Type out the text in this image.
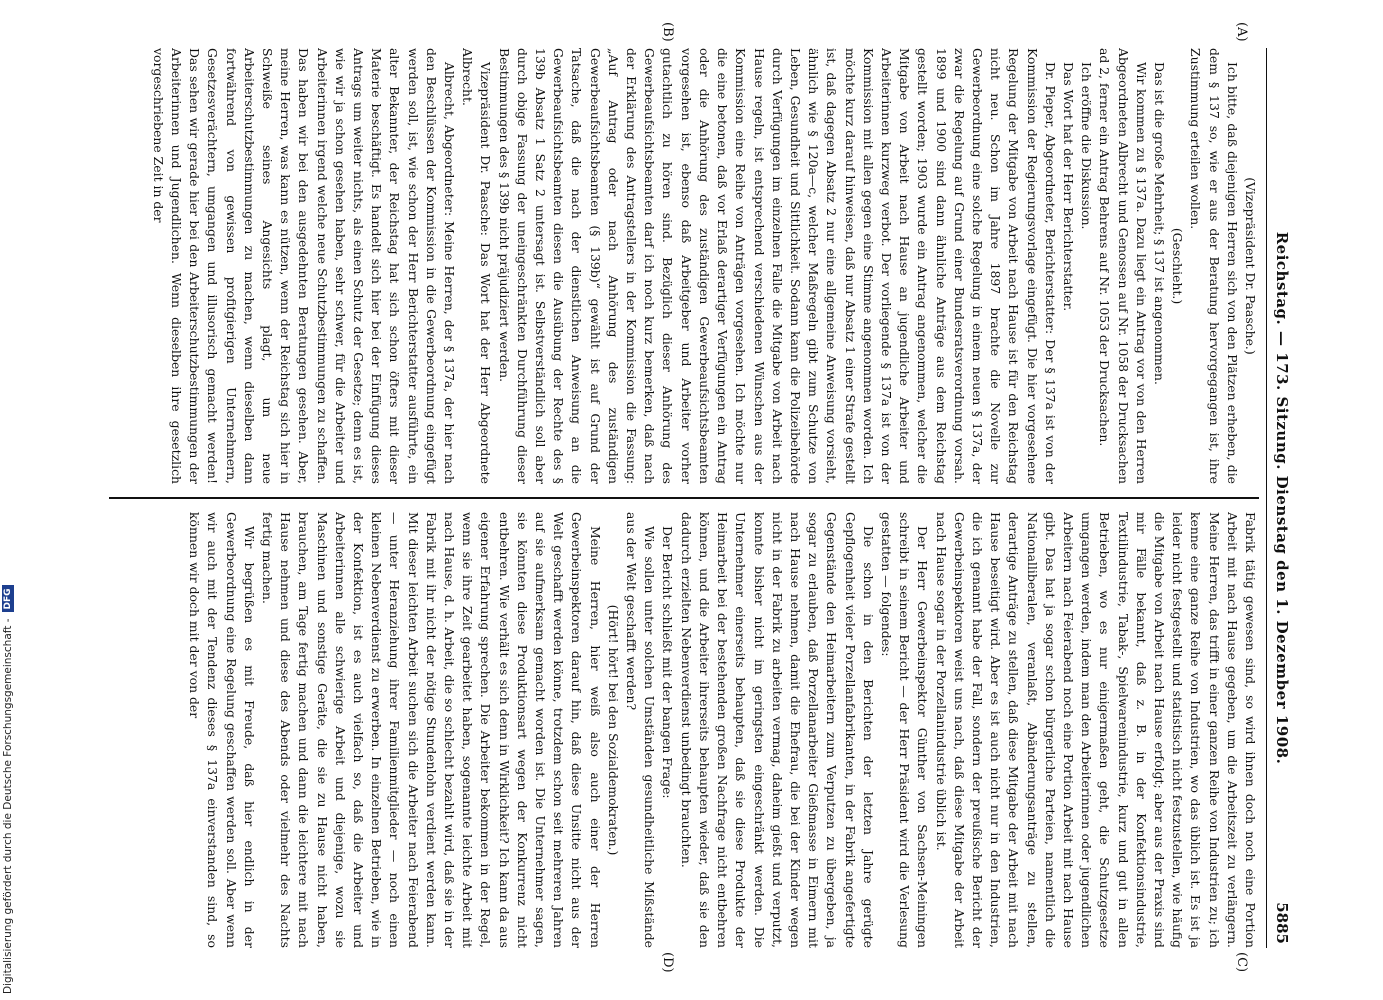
Reichstag. — 173. Sitzung. Dienstag den 1. Dezember 1908.
5885

(Vizepräsident Dr. Paasche.)

Ich bitte, daß diejenigen Herren sich von den Plätzen erheben, die dem § 137 so, wie er aus der Beratung hervorgegangen ist, ihre Zustimmung erteilen wollen.

(Geschieht.)

Das ist die große Mehrheit; § 137 ist angenommen.

Wir kommen zu § 137a. Dazu liegt ein Antrag vor von den Herren Abgeordneten Albrecht und Genossen auf Nr. 1058 der Drucksachen ad 2, ferner ein Antrag Behrens auf Nr. 1053 der Drucksachen.

Ich eröffne die Diskussion.

Das Wort hat der Herr Berichterstatter.

Dr. Pieper, Abgeordneter, Berichterstatter: Der § 137a ist von der Kommission der Regierungsvorlage eingefügt. Die hier vorgesehene Regelung der Mitgabe von Arbeit nach Hause ist für den Reichstag nicht neu. Schon im Jahre 1897 brachte die Novelle zur Gewerbeordnung eine solche Regelung in einem neuen § 137a, der zwar die Regelung auf Grund einer Bundesratsverordnung vorsah. 1899 und 1900 sind dann ähnliche Anträge aus dem Reichstag gestellt worden; 1903 wurde ein Antrag angenommen, welcher die Mitgabe von Arbeit nach Hause an jugendliche Arbeiter und Arbeiterinnen kurzweg verbot. Der vorliegende § 137a ist von der Kommission mit allen gegen eine Stimme angenommen worden. Ich möchte kurz darauf hinweisen, daß nur Absatz 1 einer Strafe gestellt ist, daß dagegen Absatz 2 nur eine allgemeine Anweisung vorsieht, ähnlich wie § 120a—c, welcher Maßregeln gibt zum Schutze von Leben, Gesundheit und Sittlichkeit. Sodann kann die Polizeibehörde durch Verfügungen im einzelnen Falle die Mitgabe von Arbeit nach Hause regeln, ist entsprechend verschiedenen Wünschen aus der Kommission eine Reihe von Anträgen vorgesehen. Ich möchte nur die eine betonen, daß vor Erlaß derartiger Verfügungen ein Antrag oder die Anhörung des zuständigen Gewerbeaufsichtsbeamten vorgesehen ist, ebenso daß Arbeitgeber und Arbeiter vorher gutachtlich zu hören sind. Bezüglich dieser Anhörung des Gewerbeaufsichtsbeamten darf ich noch kurz bemerken, daß nach der Erklärung des Antragstellers in der Kommission die Fassung: „Auf Antrag oder nach Anhörung des zuständigen Gewerbeaufsichtsbeamten (§ 139b)“ gewählt ist auf Grund der Tatsache, daß die nach der dienstlichen Anweisung an die Gewerbeaufsichtsbeamten diesen die Ausübung der Rechte des § 139b Absatz 1 Satz 2 untersagt ist. Selbstverständlich soll aber durch obige Fassung der uneingeschränkten Durchführung dieser Bestimmungen des § 139b nicht präjudiziert werden.

Vizepräsident Dr. Paasche: Das Wort hat der Herr Abgeordnete Albrecht.

Albrecht, Abgeordneter: Meine Herren, der § 137a, der hier nach den Beschlüssen der Kommission in die Gewerbeordnung eingefügt werden soll, ist, wie schon der Herr Berichterstatter ausführte, ein alter Bekannter, der Reichstag hat sich schon öfters mit dieser Materie beschäftigt. Es handelt sich hier bei der Einfügung dieses Antrags um weiter nichts, als einen Schutz der Gesetze; denn es ist, wie wir ja schon gesehen haben, sehr schwer, für die Arbeiter und Arbeiterinnen irgend welche neue Schutzbestimmungen zu schaffen. Das haben wir bei den ausgedehnten Beratungen gesehen. Aber, meine Herren, was kann es nützen, wenn der Reichstag sich hier in Schweiße seines Angesichts plagt, um neue Arbeiterschutzbestimmungen zu machen, wenn dieselben dann fortwährend von gewissen profitgierigen Unternehmern, Gesetzesverächtern, umgangen und illusorisch gemacht werden! Das sehen wir gerade hier bei den Arbeiterschutzbestimmungen der Arbeiterinnen und Jugendlichen. Wenn dieselben ihre gesetzlich vorgeschriebene Zeit in der

Fabrik tätig gewesen sind, so wird ihnen doch noch eine Portion Arbeit mit nach Hause gegeben, um die Arbeitszeit zu verlängern. Meine Herren, das trifft in einer ganzen Reihe von Industrien zu; ich kenne eine ganze Reihe von Industrien, wo das üblich ist. Es ist ja leider nicht festgestellt und statistisch nicht festzustellen, wie häufig die Mitgabe von Arbeit nach Hause erfolgt; aber aus der Praxis sind mir Fälle bekannt, daß z. B. in der Konfektionsindustrie, Textilindustrie, Tabak-, Spielwarenindustrie, kurz und gut in allen Betrieben, wo es nur einigermaßen geht, die Schutzgesetze umgangen werden, indem man den Arbeiterinnen oder jugendlichen Arbeitern nach Feierabend noch eine Portion Arbeit mit nach Hause gibt. Das hat ja sogar schon bürgerliche Parteien, namentlich die Nationalliberalen, veranlaßt, Abänderungsanträge zu stellen, derartige Anträge zu stellen, daß diese Mitgabe der Arbeit mit nach Hause beseitigt wird. Aber es ist auch nicht nur in den Industrien, die ich genannt habe der Fall, sondern der preußische Bericht der Gewerbeinspektoren weist uns nach, daß diese Mitgabe der Arbeit nach Hause sogar in der Porzellanindustrie üblich ist.

Der Herr Gewerbeinspektor Günther von Sachsen-Meiningen schreibt in seinem Bericht — der Herr Präsident wird die Verlesung gestatten — folgendes:

Die schon in den Berichten der letzten Jahre gerügte Gepflogenheit vieler Porzellanfabrikanten, in der Fabrik angefertigte Gegenstände den Heimarbeitern zum Verputzen zu übergeben, ja sogar zu erlauben, daß Porzellanarbeiter Gießmasse in Eimern mit nach Hause nehmen, damit die Ehefrau, die bei der Kinder wegen nicht in der Fabrik zu arbeiten vermag, daheim gießt und verputzt, konnte bisher nicht im geringsten eingeschränkt werden. Die Unternehmer einerseits behaupten, daß sie diese Produkte der Heimarbeit bei der bestehenden großen Nachfrage nicht entbehren können, und die Arbeiter ihrerseits behaupten wieder, daß sie den dadurch erzielten Nebenverdienst unbedingt brauchten.

Der Bericht schließt mit der bangen Frage:

Wie sollen unter solchen Umständen gesundheitliche Mißstände aus der Welt geschafft werden?

(Hört! hört! bei den Sozialdemokraten.)

Meine Herren, hier weiß also auch einer der Herren Gewerbeinspektoren darauf hin, daß diese Unsitte nicht aus der Welt geschafft werden könne, trotzdem schon seit mehreren Jahren auf sie aufmerksam gemacht worden ist. Die Unternehmer sagen, sie könnten diese Produktionsart wegen der Konkurrenz nicht entbehren. Wie verhält es sich denn in Wirklichkeit? Ich kann da aus eigener Erfahrung sprechen. Die Arbeiter bekommen in der Regel, wenn sie ihre Zeit gearbeitet haben, sogenannte leichte Arbeit mit nach Hause, d. h. Arbeit, die so schlecht bezahlt wird, daß sie in der Fabrik mit ihr nicht der nötige Stundenlohn verdient werden kann. Mit dieser leichten Arbeit suchen sich die Arbeiter nach Feierabend — unter Heranziehung ihrer Familienmitglieder — noch einen kleinen Nebenverdienst zu erwerben. In einzelnen Betrieben, wie in der Konfektion, ist es auch vielfach so, daß die Arbeiter und Arbeiterinnen alle schwierige Arbeit und diejenige, wozu sie Maschinen und sonstige Geräte, die sie zu Hause nicht haben, brauchen, am Tage fertig machen und dann die leichtere mit nach Hause nehmen und diese des Abends oder vielmehr des Nachts fertig machen.

Wir begrüßen es mit Freude, daß hier endlich in der Gewerbeordnung eine Regelung geschaffen werden soll. Aber wenn wir auch mit der Tendenz dieses § 137a einverstanden sind, so können wir doch mit der von der

(A)
(B)
(C)
(D)
Digitalisierung gefördert durch die Deutsche Forschungsgemeinschaft -
DFG
